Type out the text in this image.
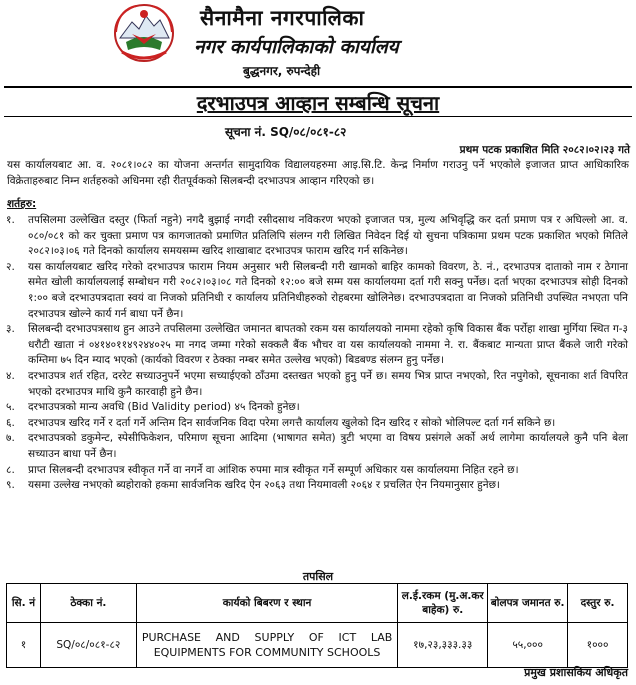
सैनामैना नगरपालिका
नगर कार्यपालिकाको कार्यालय
बुद्धनगर, रुपन्देही
दरभाउपत्र आव्हान सम्बन्धि सूचना
सूचना नं. SQ/०८/०८१-८२
प्रथम पटक प्रकाशित मिति २०८२।०२।२३ गते
यस कार्यालयबाट आ. व. २०८१।०८२ का योजना अन्तर्गत सामुदायिक विद्यालयहरुमा आइ.सि.टि. केन्द्र निर्माण गराउनु पर्ने भएकोले इजाजत प्राप्त आधिकारिक विक्रेताहरुबाट निम्न शर्तहरुको अधिनमा रही रीतपूर्वकको सिलबन्दी दरभाउपत्र आव्हान गरिएको छ।
शर्तहरु:
१.	तपसिलमा उल्लेखित दस्तुर (फिर्ता नहुने) नगदै बुझाई नगदी रसीदसाथ नविकरण भएको इजाजत पत्र, मुल्य अभिवृद्धि कर दर्ता प्रमाण पत्र र अघिल्लो आ. व. ०८०/०८१ को कर चुक्ता प्रमाण पत्र कागजातको प्रमाणित प्रतिलिपि संलग्न गरी लिखित निवेदन दिई यो सुचना पत्रिकामा प्रथम पटक प्रकाशित भएको मितिले २०८२।०३।०६ गते दिनको कार्यालय समयसम्म खरिद शाखाबाट दरभाउपत्र फाराम खरिद गर्न सकिनेछ।
२.	यस कार्यालयबाट खरिद गरेको दरभाउपत्र फाराम नियम अनुसार भरी सिलबन्दी गरी खामको बाहिर कामको विवरण, ठे. नं., दरभाउपत्र दाताको नाम र ठेगाना समेत खोली कार्यालयलाई सम्बोधन गरी २०८२।०३।०८ गते दिनको १२:०० बजे सम्म यस कार्यालयमा दर्ता गरी सक्नु पर्नेछ। दर्ता भएका दरभाउपत्र सोही दिनको १:०० बजे दरभाउपत्रदाता स्वयं वा निजको प्रतिनिधी र कार्यालय प्रतिनिधीहरुको रोहबरमा खोलिनेछ। दरभाउपत्रदाता वा निजको प्रतिनिधी उपस्थित नभएता पनि दरभाउपत्र खोल्ने कार्य गर्न बाधा पर्ने छैन।
३.	सिलबन्दी दरभाउपत्रसाथ हुन आउने तपसिलमा उल्लेखित जमानत बापतको रकम यस कार्यालयको नाममा रहेको कृषि विकास बैंक पर्रोहा शाखा मुर्गिया स्थित ग-३ धरौटी खाता नं ०४१४०११४९२४४०२५ मा नगद जम्मा गरेको सक्कलै बैंक भौचर वा यस कार्यालयको नाममा ने. रा. बैंकबाट मान्यता प्राप्त बैंकले जारी गरेको कम्तिमा ७५ दिन म्याद भएको (कार्यको विवरण र ठेक्का नम्बर समेत उल्लेख भएको) बिडबण्ड संलग्न हुनु पर्नेछ।
४.	दरभाउपत्र शर्त रहित, दररेट सच्याउनुपर्ने भएमा सच्याईएको ठाँउमा दस्तखत भएको हुनु पर्ने छ। समय भित्र प्राप्त नभएको, रित नपुगेको, सूचनाका शर्त विपरित भएको दरभाउपत्र माथि कुनै कारवाही हुने छैन।
५.	दरभाउपत्रको मान्य अवधि (Bid Validity period) ४५ दिनको हुनेछ।
६.	दरभाउपत्र खरिद गर्ने र दर्ता गर्ने अन्तिम दिन सार्वजनिक विदा परेमा लगत्तै कार्यालय खुलेको दिन खरिद र सोको भोलिपल्ट दर्ता गर्न सकिने छ।
७.	दरभाउपत्रको डकुमेन्ट, स्पेसीफिकेशन, परिमाण सूचना आदिमा (भाषागत समेत) त्रुटी भएमा वा विषय प्रसंगले अर्को अर्थ लागेमा कार्यालयले कुनै पनि बेला सच्याउन बाधा पर्ने छैन।
८.	प्राप्त सिलबन्दी दरभाउपत्र स्वीकृत गर्ने वा नगर्ने वा आंशिक रुपमा मात्र स्वीकृत गर्ने सम्पूर्ण अधिकार यस कार्यालयमा निहित रहने छ।
९.	यसमा उल्लेख नभएको ब्यहोराको हकमा सार्वजनिक खरिद ऐन २०६३ तथा नियमावली २०६४ र प्रचलित ऐन नियमानुसार हुनेछ।
तपसिल
सि. नं	ठेक्का नं.	कार्यको बिबरण र स्थान	ल.ई.रकम (मु.अ.कर बाहेक) रु.	बोलपत्र जमानत रु.	दस्तुर रु.
१	SQ/०८/०८१-८२	PURCHASE AND SUPPLY OF ICT LAB EQUIPMENTS FOR COMMUNITY SCHOOLS	१७,२३,३३३.३३	५५,०००	१०००
प्रमुख प्रशासकिय अधिकृत
